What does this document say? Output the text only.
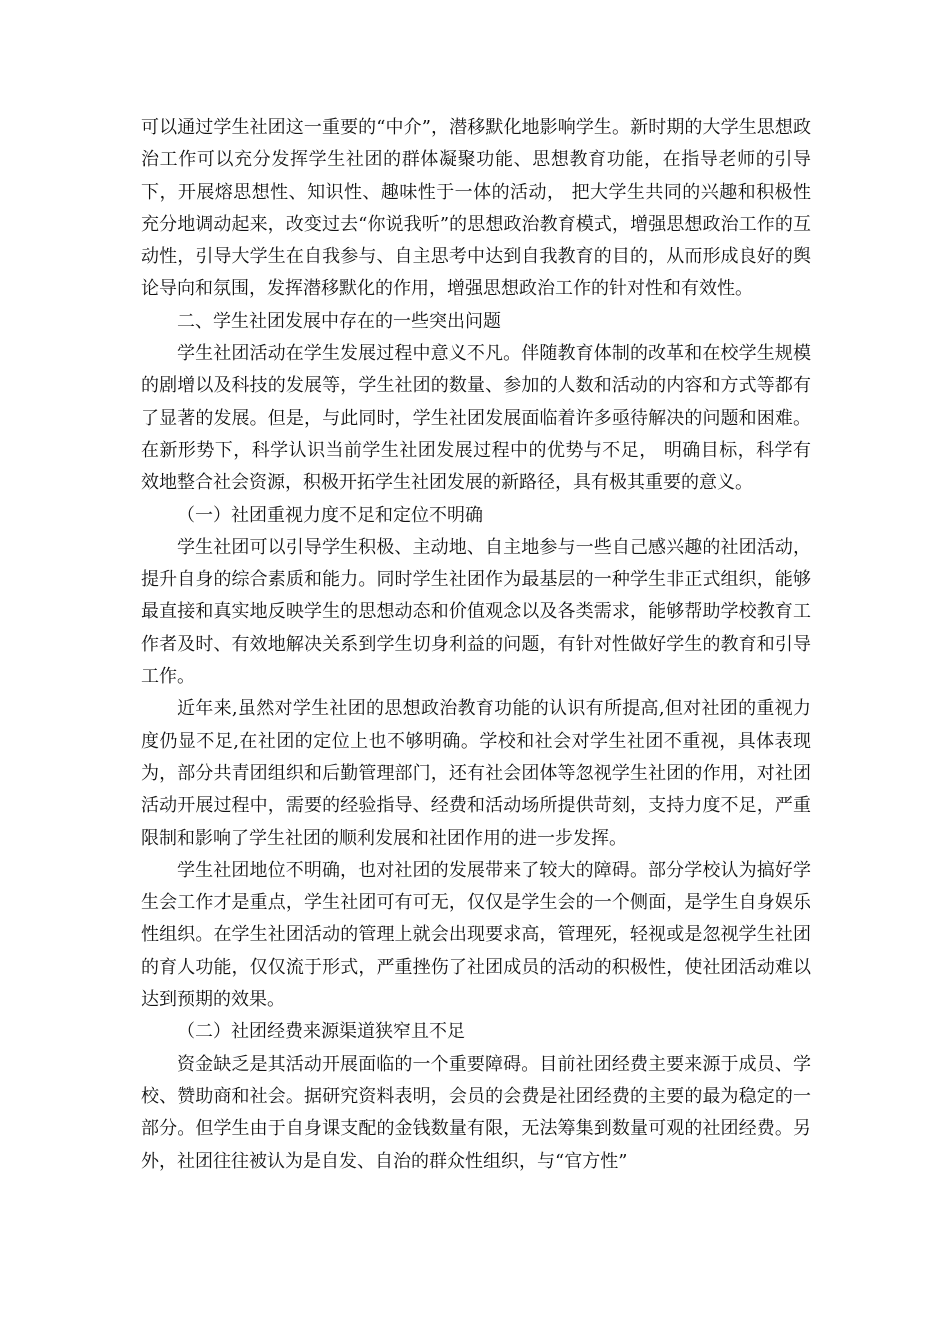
可以通过学生社团这一重要的“中介”，潜移默化地影响学生。新时期的大学生思想政治工作可以充分发挥学生社团的群体凝聚功能、思想教育功能，在指导老师的引导下，开展熔思想性、知识性、趣味性于一体的活动， 把大学生共同的兴趣和积极性充分地调动起来，改变过去“你说我听”的思想政治教育模式，增强思想政治工作的互动性，引导大学生在自我参与、自主思考中达到自我教育的目的，从而形成良好的舆论导向和氛围，发挥潜移默化的作用，增强思想政治工作的针对性和有效性。

二、学生社团发展中存在的一些突出问题

学生社团活动在学生发展过程中意义不凡。伴随教育体制的改革和在校学生规模的剧增以及科技的发展等，学生社团的数量、参加的人数和活动的内容和方式等都有了显著的发展。但是，与此同时，学生社团发展面临着许多亟待解决的问题和困难。在新形势下，科学认识当前学生社团发展过程中的优势与不足， 明确目标，科学有效地整合社会资源，积极开拓学生社团发展的新路径，具有极其重要的意义。

（一）社团重视力度不足和定位不明确

学生社团可以引导学生积极、主动地、自主地参与一些自己感兴趣的社团活动，提升自身的综合素质和能力。同时学生社团作为最基层的一种学生非正式组织，能够最直接和真实地反映学生的思想动态和价值观念以及各类需求，能够帮助学校教育工作者及时、有效地解决关系到学生切身利益的问题，有针对性做好学生的教育和引导工作。

近年来,虽然对学生社团的思想政治教育功能的认识有所提高,但对社团的重视力度仍显不足,在社团的定位上也不够明确。学校和社会对学生社团不重视，具体表现为，部分共青团组织和后勤管理部门，还有社会团体等忽视学生社团的作用，对社团活动开展过程中，需要的经验指导、经费和活动场所提供苛刻，支持力度不足，严重限制和影响了学生社团的顺利发展和社团作用的进一步发挥。

学生社团地位不明确，也对社团的发展带来了较大的障碍。部分学校认为搞好学生会工作才是重点，学生社团可有可无，仅仅是学生会的一个侧面，是学生自身娱乐性组织。在学生社团活动的管理上就会出现要求高，管理死，轻视或是忽视学生社团的育人功能，仅仅流于形式，严重挫伤了社团成员的活动的积极性，使社团活动难以达到预期的效果。

（二）社团经费来源渠道狭窄且不足

资金缺乏是其活动开展面临的一个重要障碍。目前社团经费主要来源于成员、学校、赞助商和社会。据研究资料表明，会员的会费是社团经费的主要的最为稳定的一部分。但学生由于自身课支配的金钱数量有限，无法筹集到数量可观的社团经费。另外，社团往往被认为是自发、自治的群众性组织，与“官方性”
